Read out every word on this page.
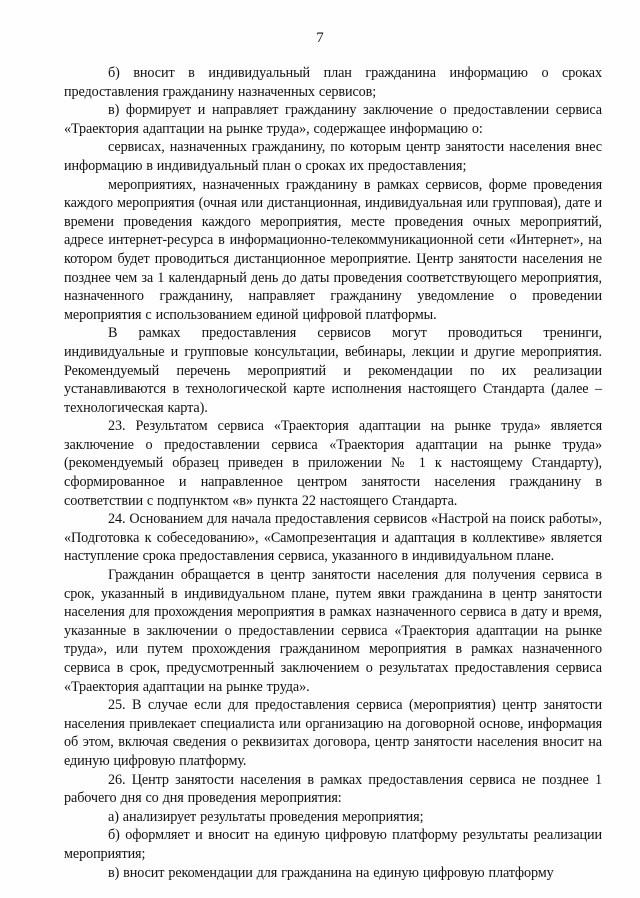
7

б) вносит в индивидуальный план гражданина информацию о сроках предоставления гражданину назначенных сервисов;

в) формирует и направляет гражданину заключение о предоставлении сервиса «Траектория адаптации на рынке труда», содержащее информацию о:

сервисах, назначенных гражданину, по которым центр занятости населения внес информацию в индивидуальный план о сроках их предоставления;

мероприятиях, назначенных гражданину в рамках сервисов, форме проведения каждого мероприятия (очная или дистанционная, индивидуальная или групповая), дате и времени проведения каждого мероприятия, месте проведения очных мероприятий, адресе интернет-ресурса в информационно-телекоммуникационной сети «Интернет», на котором будет проводиться дистанционное мероприятие. Центр занятости населения не позднее чем за 1 календарный день до даты проведения соответствующего мероприятия, назначенного гражданину, направляет гражданину уведомление о проведении мероприятия с использованием единой цифровой платформы.

В рамках предоставления сервисов могут проводиться тренинги, индивидуальные и групповые консультации, вебинары, лекции и другие мероприятия. Рекомендуемый перечень мероприятий и рекомендации по их реализации устанавливаются в технологической карте исполнения настоящего Стандарта (далее – технологическая карта).

23. Результатом сервиса «Траектория адаптации на рынке труда» является заключение о предоставлении сервиса «Траектория адаптации на рынке труда» (рекомендуемый образец приведен в приложении № 1 к настоящему Стандарту), сформированное и направленное центром занятости населения гражданину в соответствии с подпунктом «в» пункта 22 настоящего Стандарта.

24. Основанием для начала предоставления сервисов «Настрой на поиск работы», «Подготовка к собеседованию», «Самопрезентация и адаптация в коллективе» является наступление срока предоставления сервиса, указанного в индивидуальном плане.

Гражданин обращается в центр занятости населения для получения сервиса в срок, указанный в индивидуальном плане, путем явки гражданина в центр занятости населения для прохождения мероприятия в рамках назначенного сервиса в дату и время, указанные в заключении о предоставлении сервиса «Траектория адаптации на рынке труда», или путем прохождения гражданином мероприятия в рамках назначенного сервиса в срок, предусмотренный заключением о результатах предоставления сервиса «Траектория адаптации на рынке труда».

25. В случае если для предоставления сервиса (мероприятия) центр занятости населения привлекает специалиста или организацию на договорной основе, информация об этом, включая сведения о реквизитах договора, центр занятости населения вносит на единую цифровую платформу.

26. Центр занятости населения в рамках предоставления сервиса не позднее 1 рабочего дня со дня проведения мероприятия:

а) анализирует результаты проведения мероприятия;

б) оформляет и вносит на единую цифровую платформу результаты реализации мероприятия;

в) вносит рекомендации для гражданина на единую цифровую платформу
